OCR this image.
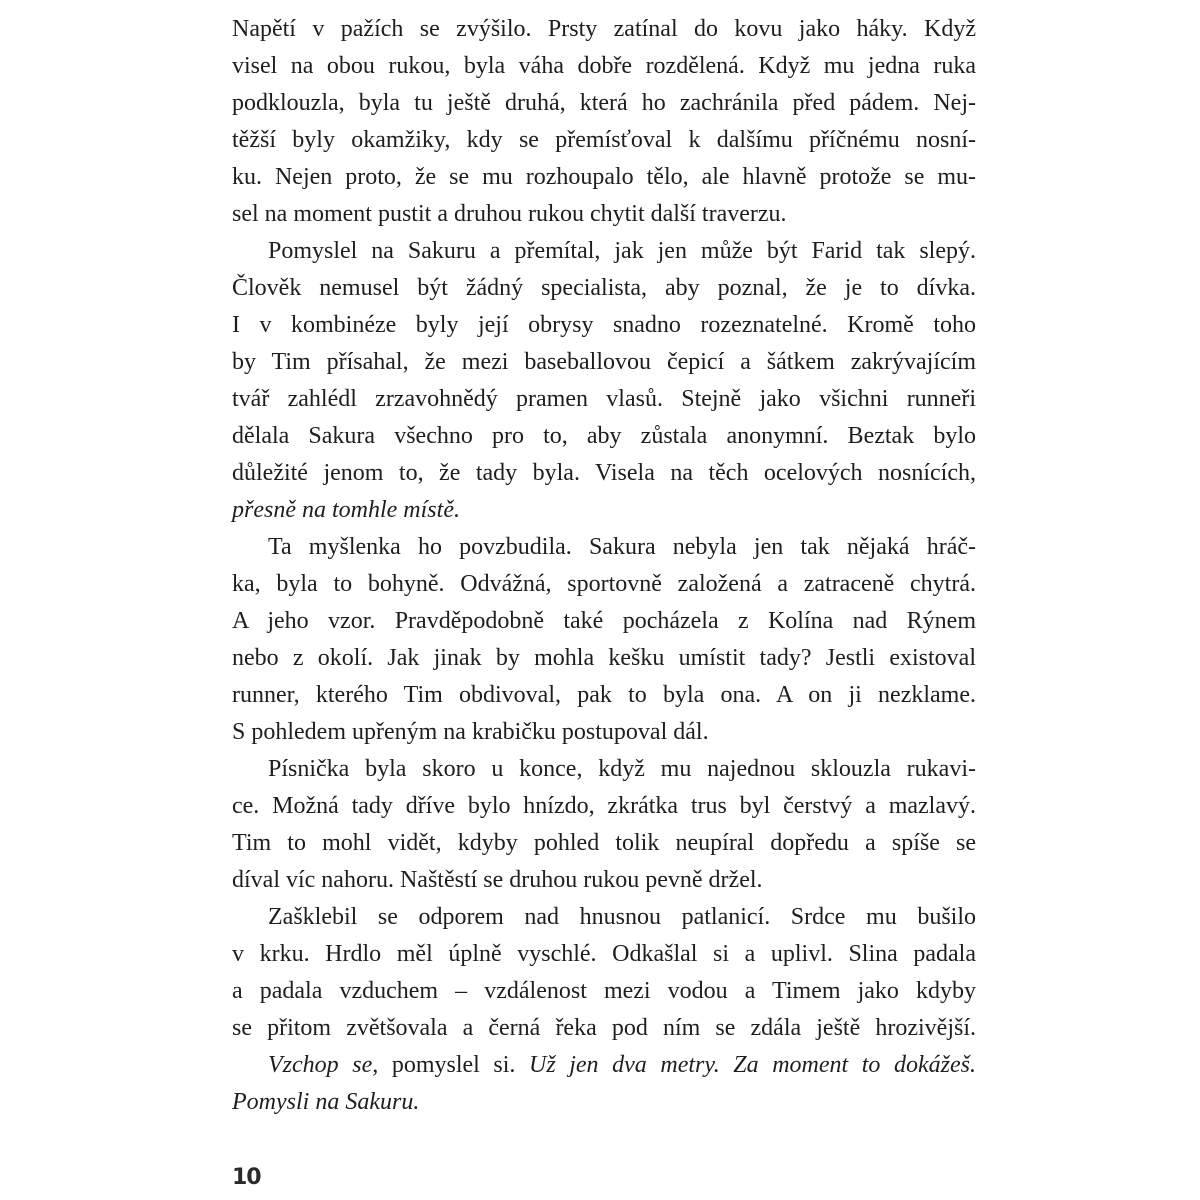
Napětí v pažích se zvýšilo. Prsty zatínal do kovu jako háky. Když
visel na obou rukou, byla váha dobře rozdělená. Když mu jedna ruka
podklouzla, byla tu ještě druhá, která ho zachránila před pádem. Nej-
těžší byly okamžiky, kdy se přemísťoval k dalšímu příčnému nosní-
ku. Nejen proto, že se mu rozhoupalo tělo, ale hlavně protože se mu-
sel na moment pustit a druhou rukou chytit další traverzu.
Pomyslel na Sakuru a přemítal, jak jen může být Farid tak slepý.
Člověk nemusel být žádný specialista, aby poznal, že je to dívka.
I v kombinéze byly její obrysy snadno rozeznatelné. Kromě toho
by Tim přísahal, že mezi baseballovou čepicí a šátkem zakrývajícím
tvář zahlédl zrzavohnědý pramen vlasů. Stejně jako všichni runneři
dělala Sakura všechno pro to, aby zůstala anonymní. Beztak bylo
důležité jenom to, že tady byla. Visela na těch ocelových nosnících,
přesně na tomhle místě.
Ta myšlenka ho povzbudila. Sakura nebyla jen tak nějaká hráč-
ka, byla to bohyně. Odvážná, sportovně založená a zatraceně chytrá.
A jeho vzor. Pravděpodobně také pocházela z Kolína nad Rýnem
nebo z okolí. Jak jinak by mohla kešku umístit tady? Jestli existoval
runner, kterého Tim obdivoval, pak to byla ona. A on ji nezklame.
S pohledem upřeným na krabičku postupoval dál.
Písnička byla skoro u konce, když mu najednou sklouzla rukavi-
ce. Možná tady dříve bylo hnízdo, zkrátka trus byl čerstvý a mazlavý.
Tim to mohl vidět, kdyby pohled tolik neupíral dopředu a spíše se
díval víc nahoru. Naštěstí se druhou rukou pevně držel.
Zašklebil se odporem nad hnusnou patlanicí. Srdce mu bušilo
v krku. Hrdlo měl úplně vyschlé. Odkašlal si a uplivl. Slina padala
a padala vzduchem – vzdálenost mezi vodou a Timem jako kdyby
se přitom zvětšovala a černá řeka pod ním se zdála ještě hrozivější.
Vzchop se, pomyslel si. Už jen dva metry. Za moment to dokážeš.
Pomysli na Sakuru.
10
